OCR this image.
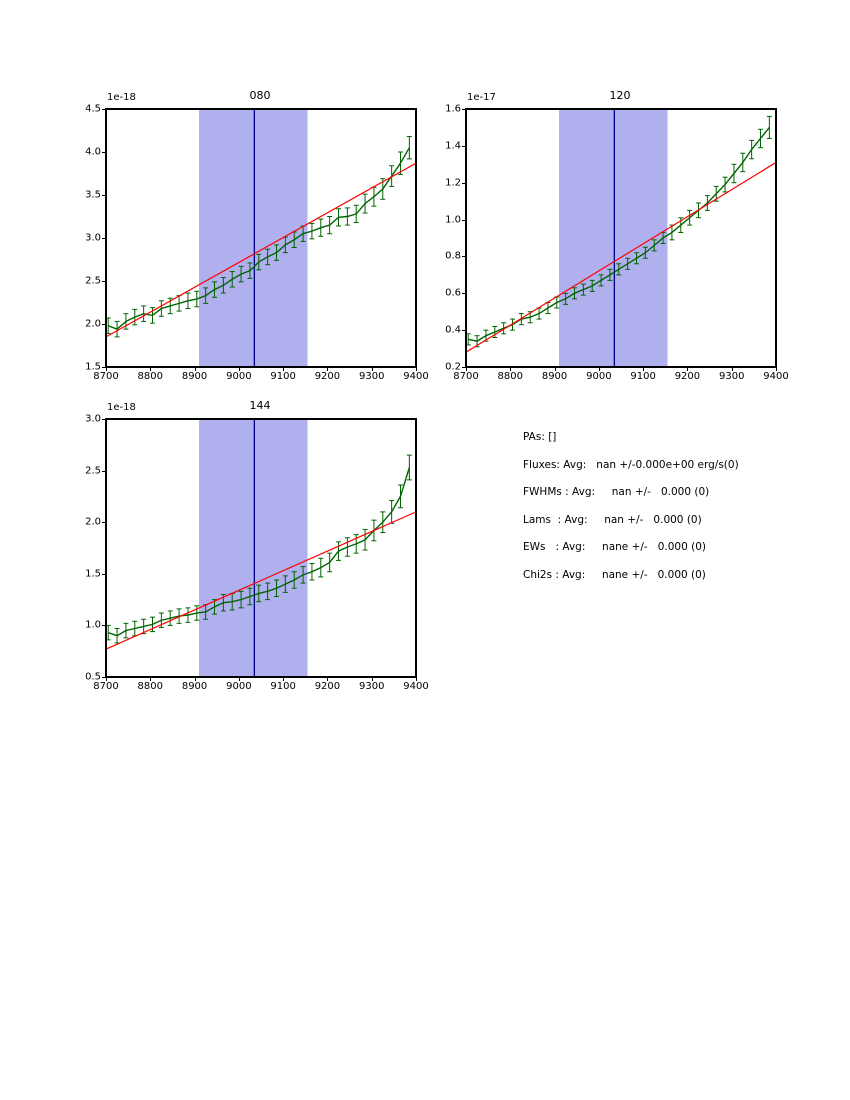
080
1e-18
1.5
2.0
2.5
3.0
3.5
4.0
4.5
8700 8800 8900 9000 9100 9200 9300 9400
120
1e-17
0.2
0.4
0.6
0.8
1.0
1.2
1.4
1.6
8700 8800 8900 9000 9100 9200 9300 9400
144
1e-18
0.5
1.0
1.5
2.0
2.5
3.0
8700 8800 8900 9000 9100 9200 9300 9400
PAs: []
Fluxes: Avg:   nan +/-0.000e+00 erg/s(0)
FWHMs : Avg:     nan +/-   0.000 (0)
Lams  : Avg:     nan +/-   0.000 (0)
EWs   : Avg:     nane +/-   0.000 (0)
Chi2s : Avg:     nane +/-   0.000 (0)
